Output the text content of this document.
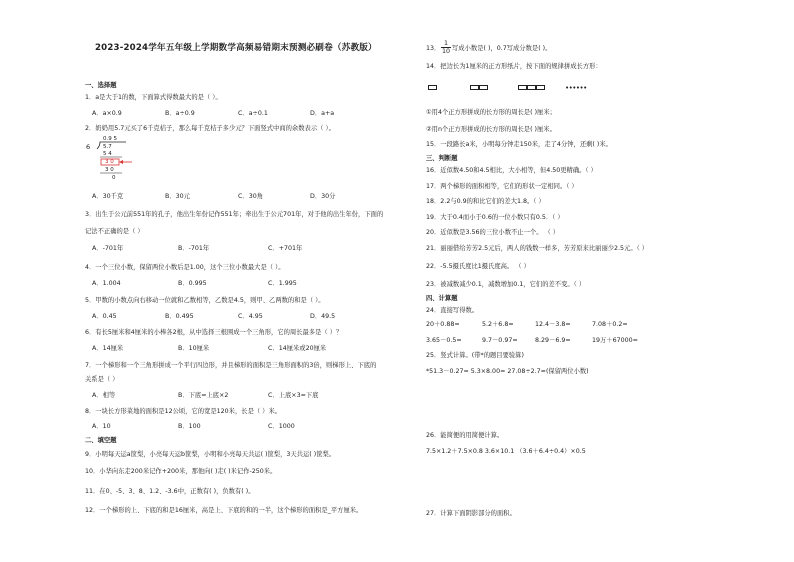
2023-2024学年五年级上学期数学高频易错期末预测必刷卷（苏教版）
一、选择题
1．a是大于1的数，下面算式得数最大的是（ ）。
A．a×0.9	B．a÷0.9	C．a÷0.1	D．a+a
2．奶奶用5.7元买了6千克桔子，那么每千克桔子多少元？下面竖式中商的余数表示（ ）。
0.9 5
6 5.7
5 4
3 0
3 0
0
A．30千克	B．30元	C．30角	D．30分
3．出生于公元前551年的孔子，他出生年份记作551年；牵出生于公元701年，对于他的出生年份，下面的
记法不正确的是（ ）
A．-701年	B．-701年	C．+701年
4．一个三位小数，保留两位小数后是1.00，这个三位小数最大是（ ）。
A．1.004	B．0.995	C．1.995
5．甲数的小数点向右移动一位就和乙数相等，乙数是4.5，则甲、乙两数的和是（ ）。
A．0.45	B．0.495	C．4.95	D．49.5
6．有长5厘米和4厘米的小棒各2根，从中选择三根围成一个三角形，它的周长最多是（ ）？
A．14厘米	B．10厘米	C．14厘米或20厘米
7．一个梯形和一个三角形拼成一个平行四边形，并且梯形的面积是三角形面积的3倍，则梯形上、下底的
关系是（ ）
A．相等	B．下底=上底×2	C．上底×3=下底
8．一块长方形菜地的面积是12公顷，它的宽是120米，长是（ ）米。
A．10	B．100	C．1000
二、填空题
9．小明每天运a筐梨，小亮每天运b筐梨，小明和小亮每天共运( )筐梨，3天共运( )筐梨。
10．小华向东走200米记作+200米，那他向( )走( )米记作-250米。
11．在0、-5、3、8、1.2、-3.6中，正数有( )，负数有( )。
12．一个梯形的上、下底的和是16厘米，高是上、下底的和的一半，这个梯形的面积是_平方厘米。
13． $\frac{1}{10}$ 写成小数是( )，0.7写成分数是( )。
14．把边长为1厘米的正方形纸片，按下面的规律拼成长方形：
••••••
①用4个正方形拼成的长方形的周长是( )厘米；
②用n个正方形拼成的长方形的周长是( )厘米。
15．一段路长a米，小明每分钟走150米，走了4分钟，还剩( )米。
三、判断题
16．近似数4.50和4.5相比，大小相等，但4.50更精确。（ ）
17．两个梯形的面积相等，它们的形状一定相同。（ ）
18．2.2与0.9的和比它们的差大1.8。（ ）
19．大于0.4而小于0.6的一位小数只有0.5．（ ）
20．近似数是3.56的三位小数不止一个。 （ ）
21．丽丽借给芳芳2.5元后，两人的钱数一样多，芳芳原来比丽丽少2.5元。（ ）
22．-5.5摄氏度比1摄氏度高。 （ ）
23．被减数减少0.1，减数增加0.1，它们的差不变。（ ）
四、计算题
24．直接写得数。
20＋0.88=	5.2＋6.8=	12.4－3.8=	7.08＋0.2=
3.65－0.5=	9.7－0.97=	8.29－6.9=	19万＋67000=
25．竖式计算。(带*的题目要验算)
*51.3－0.27= 5.3×8.00= 27.08÷2.7≈(保留两位小数)
26．能简便的用简便计算。
7.5×1.2＋7.5×0.8 3.6×10.1 （3.6＋6.4÷0.4）×0.5
27．计算下面阴影部分的面积。
